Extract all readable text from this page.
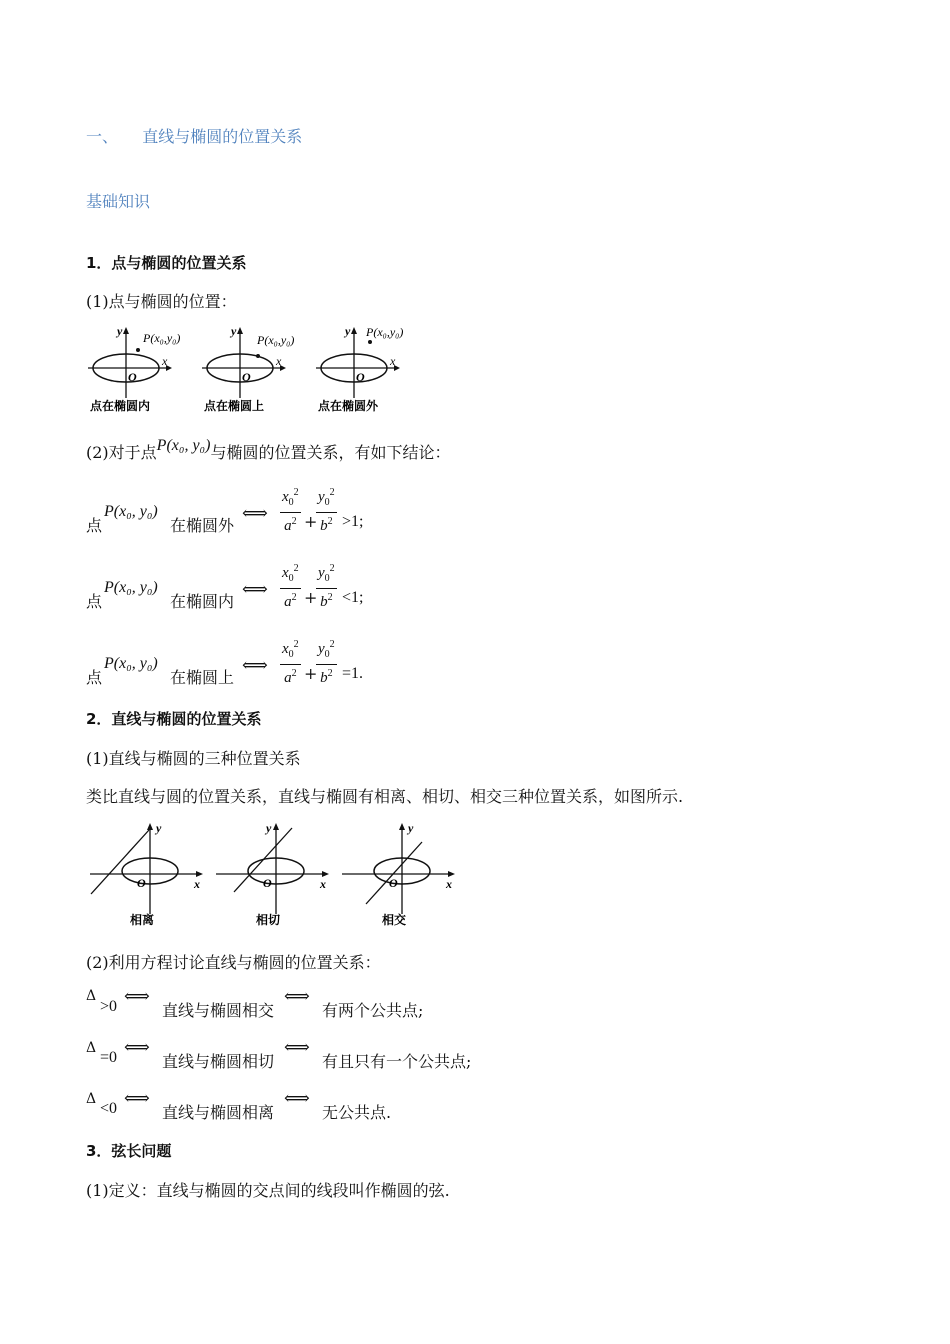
一、 直线与椭圆的位置关系
基础知识
1．点与椭圆的位置关系
(1)点与椭圆的位置：
P(x₀,y₀)
y
x
O
点在椭圆内
P(x₀,y₀)
y
x
O
点在椭圆上
P(x₀,y₀)
y
x
O
点在椭圆外
(2)对于点P(x₀, y₀)与椭圆的位置关系，有如下结论：
点
P(x₀, y₀)
在椭圆外
⟺ $\frac{x_0^2}{a^2}$ +
$\frac{y_0^2}{b^2} >1$;
点
P(x₀, y₀)
在椭圆内
⟺ $\frac{x_0^2}{a^2}$ +
$\frac{y_0^2}{b^2} <1$;
点
P(x₀, y₀)
在椭圆上
⟺ $\frac{x_0^2}{a^2}$ +
$\frac{y_0^2}{b^2} =1$.
2．直线与椭圆的位置关系
(1)直线与椭圆的三种位置关系
类比直线与圆的位置关系，直线与椭圆有相离、相切、相交三种位置关系，如图所示.
y
x
O
相离
y
x
O
相切
y
x
O
相交
(2)利用方程讨论直线与椭圆的位置关系：
Δ
>0 ⟺
直线与椭圆相交
⟺
有两个公共点;
Δ
=0 ⟺
直线与椭圆相切
⟺
有且只有一个公共点;
Δ
<0 ⟺
直线与椭圆相离
⟺
无公共点.
3．弦长问题
(1)定义：直线与椭圆的交点间的线段叫作椭圆的弦.
